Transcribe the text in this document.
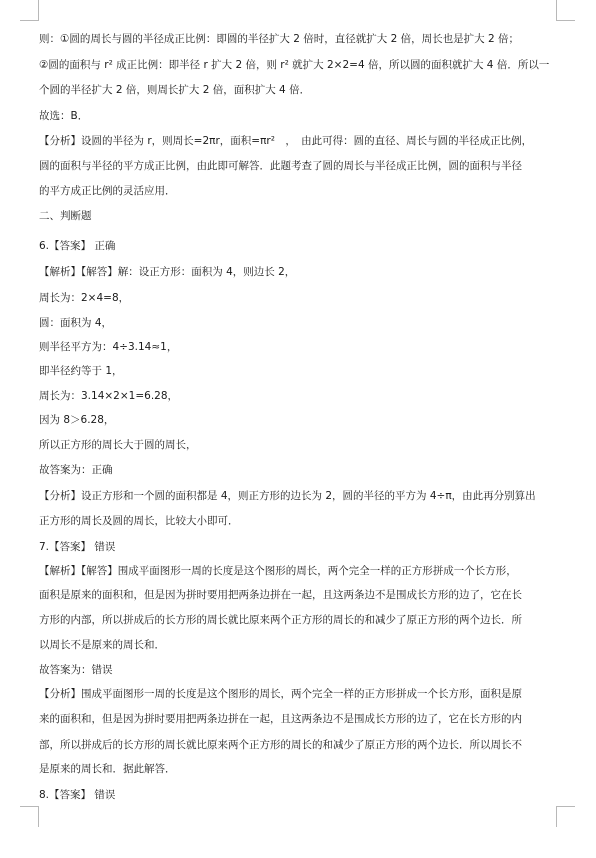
则：①圆的周长与圆的半径成正比例：即圆的半径扩大 2 倍时，直径就扩大 2 倍，周长也是扩大 2 倍；
②圆的面积与 r² 成正比例：即半径 r 扩大 2 倍，则 r² 就扩大 2×2=4 倍，所以圆的面积就扩大 4 倍．所以一
个圆的半径扩大 2 倍，则周长扩大 2 倍，面积扩大 4 倍．
故选：B．
【分析】设圆的半径为 r，则周长=2πr，面积=πr²　，　由此可得：圆的直径、周长与圆的半径成正比例，
圆的面积与半径的平方成正比例，由此即可解答．此题考查了圆的周长与半径成正比例，圆的面积与半径
的平方成正比例的灵活应用．
二、判断题
6.【答案】 正确
【解析】【解答】解：设正方形：面积为 4，则边长 2，
周长为：2×4=8，
圆：面积为 4，
则半径平方为：4÷3.14≈1，
即半径约等于 1，
周长为：3.14×2×1=6.28，
因为 8＞6.28，
所以正方形的周长大于圆的周长，
故答案为：正确
【分析】设正方形和一个圆的面积都是 4，则正方形的边长为 2，圆的半径的平方为 4÷π，由此再分别算出
正方形的周长及圆的周长，比较大小即可．
7.【答案】 错误
【解析】【解答】围成平面图形一周的长度是这个图形的周长，两个完全一样的正方形拼成一个长方形，
面积是原来的面积和，但是因为拼时要用把两条边拼在一起，且这两条边不是围成长方形的边了，它在长
方形的内部，所以拼成后的长方形的周长就比原来两个正方形的周长的和减少了原正方形的两个边长．所
以周长不是原来的周长和．
故答案为：错误
【分析】围成平面图形一周的长度是这个图形的周长，两个完全一样的正方形拼成一个长方形，面积是原
来的面积和，但是因为拼时要用把两条边拼在一起，且这两条边不是围成长方形的边了，它在长方形的内
部，所以拼成后的长方形的周长就比原来两个正方形的周长的和减少了原正方形的两个边长．所以周长不
是原来的周长和．据此解答．
8.【答案】 错误
